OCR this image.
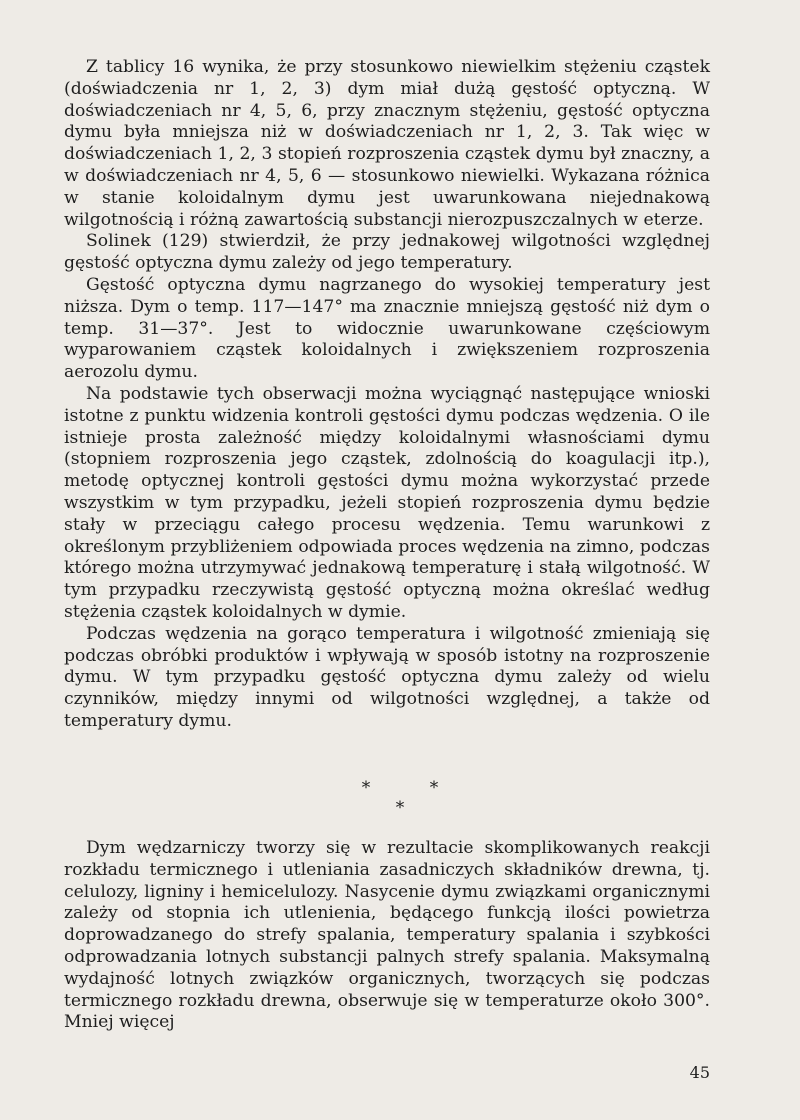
Z tablicy 16 wynika, że przy stosunkowo niewielkim stężeniu cząstek (doświadczenia nr 1, 2, 3) dym miał dużą gęstość optyczną. W doświadczeniach nr 4, 5, 6, przy znacznym stężeniu, gęstość optyczna dymu była mniejsza niż w doświadczeniach nr 1, 2, 3. Tak więc w doświadczeniach 1, 2, 3 stopień rozproszenia cząstek dymu był znaczny, a w doświadczeniach nr 4, 5, 6 — stosunkowo niewielki. Wykazana różnica w stanie koloidalnym dymu jest uwarunkowana niejednakową wilgotnością i różną zawartością substancji nierozpuszczalnych w eterze.

Solinek (129) stwierdził, że przy jednakowej wilgotności względnej gęstość optyczna dymu zależy od jego temperatury.

Gęstość optyczna dymu nagrzanego do wysokiej temperatury jest niższa. Dym o temp. 117—147° ma znacznie mniejszą gęstość niż dym o temp. 31—37°. Jest to widocznie uwarunkowane częściowym wyparowaniem cząstek koloidalnych i zwiększeniem rozproszenia aerozolu dymu.

Na podstawie tych obserwacji można wyciągnąć następujące wnioski istotne z punktu widzenia kontroli gęstości dymu podczas wędzenia. O ile istnieje prosta zależność między koloidalnymi własnościami dymu (stopniem rozproszenia jego cząstek, zdolnością do koagulacji itp.), metodę optycznej kontroli gęstości dymu można wykorzystać przede wszystkim w tym przypadku, jeżeli stopień rozproszenia dymu będzie stały w przeciągu całego procesu wędzenia. Temu warunkowi z określonym przybliżeniem odpowiada proces wędzenia na zimno, podczas którego można utrzymywać jednakową temperaturę i stałą wilgotność. W tym przypadku rzeczywistą gęstość optyczną można określać według stężenia cząstek koloidalnych w dymie.

Podczas wędzenia na gorąco temperatura i wilgotność zmieniają się podczas obróbki produktów i wpływają w sposób istotny na rozproszenie dymu. W tym przypadku gęstość optyczna dymu zależy od wielu czynników, między innymi od wilgotności względnej, a także od temperatury dymu.

*	*
*

Dym wędzarniczy tworzy się w rezultacie skomplikowanych reakcji rozkładu termicznego i utleniania zasadniczych składników drewna, tj. celulozy, ligniny i hemicelulozy. Nasycenie dymu związkami organicznymi zależy od stopnia ich utlenienia, będącego funkcją ilości powietrza doprowadzanego do strefy spalania, temperatury spalania i szybkości odprowadzania lotnych substancji palnych strefy spalania. Maksymalną wydajność lotnych związków organicznych, tworzących się podczas termicznego rozkładu drewna, obserwuje się w temperaturze około 300°. Mniej więcej

45
